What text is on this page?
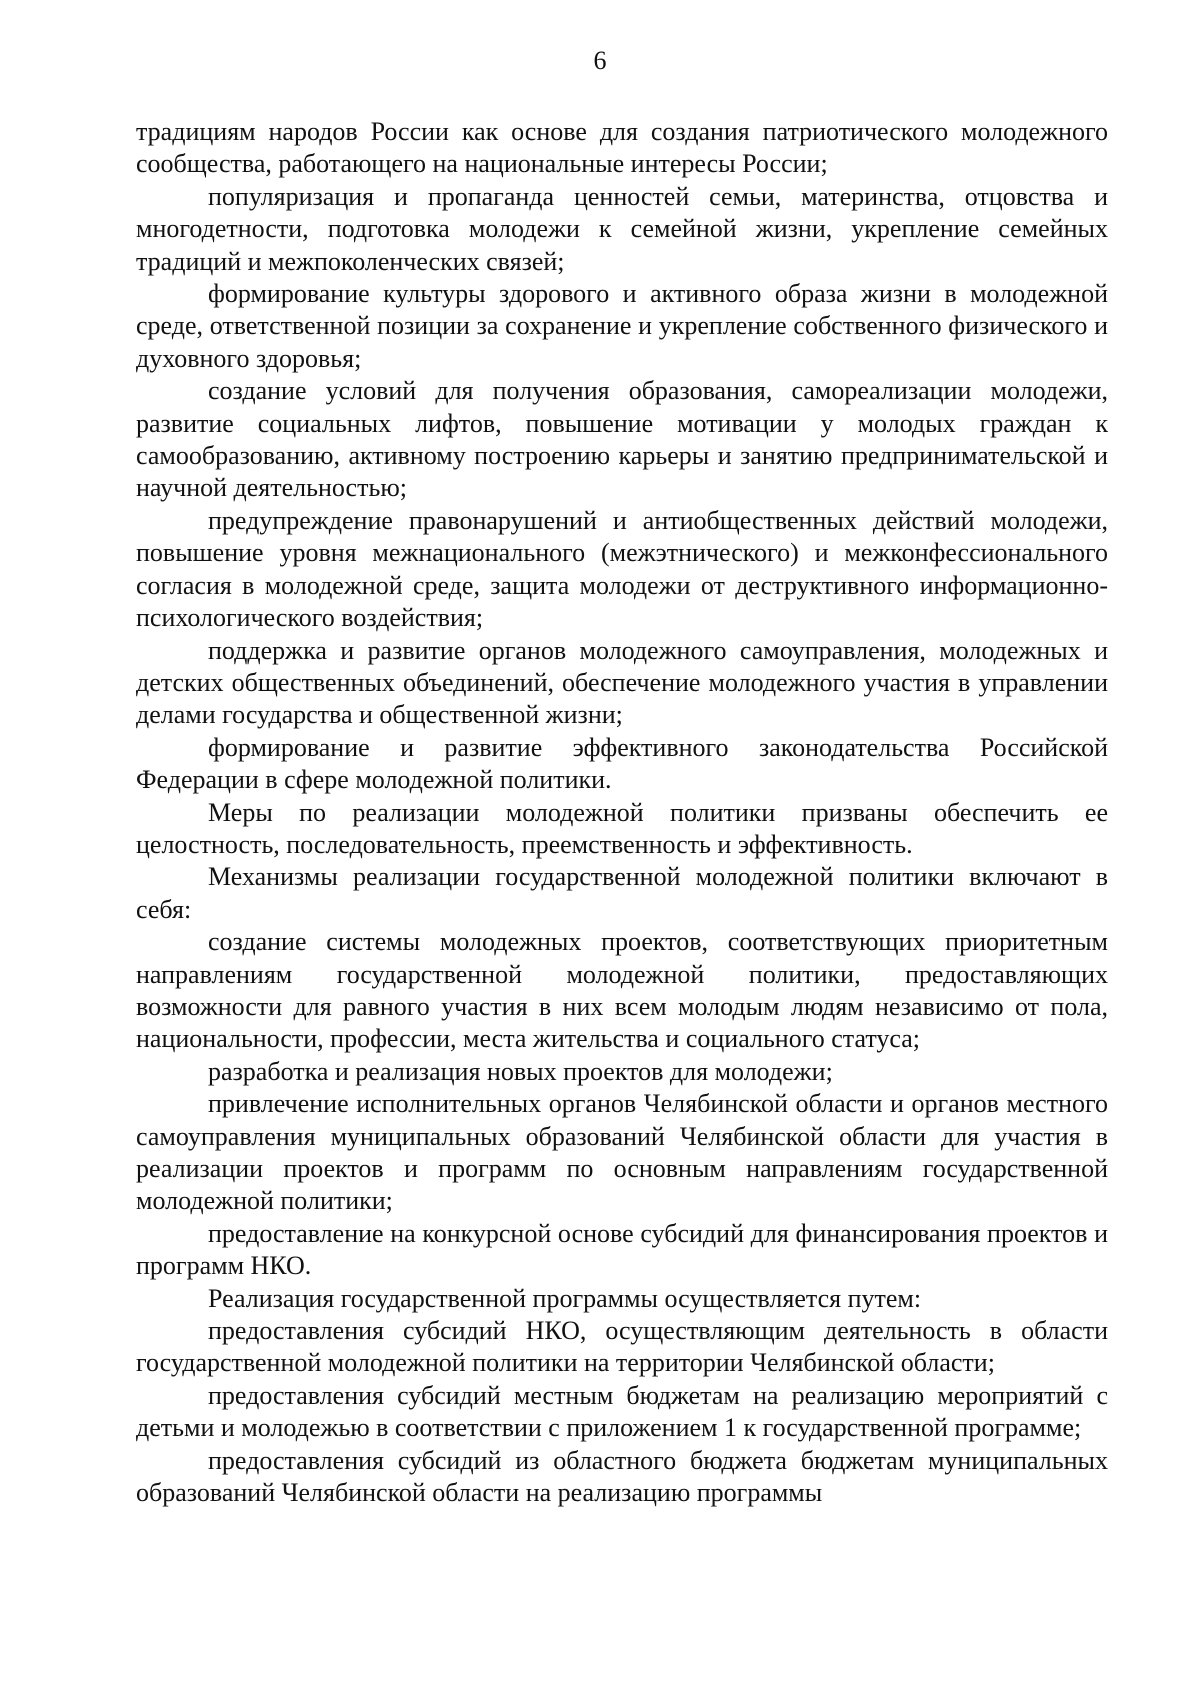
6

традициям народов России как основе для создания патриотического молодежного сообщества, работающего на национальные интересы России;

популяризация и пропаганда ценностей семьи, материнства, отцовства и многодетности, подготовка молодежи к семейной жизни, укрепление семейных традиций и межпоколенческих связей;

формирование культуры здорового и активного образа жизни в молодежной среде, ответственной позиции за сохранение и укрепление собственного физического и духовного здоровья;

создание условий для получения образования, самореализации молодежи, развитие социальных лифтов, повышение мотивации у молодых граждан к самообразованию, активному построению карьеры и занятию предпринимательской и научной деятельностью;

предупреждение правонарушений и антиобщественных действий молодежи, повышение уровня межнационального (межэтнического) и межконфессионального согласия в молодежной среде, защита молодежи от деструктивного информационно-психологического воздействия;

поддержка и развитие органов молодежного самоуправления, молодежных и детских общественных объединений, обеспечение молодежного участия в управлении делами государства и общественной жизни;

формирование и развитие эффективного законодательства Российской Федерации в сфере молодежной политики.

Меры по реализации молодежной политики призваны обеспечить ее целостность, последовательность, преемственность и эффективность.

Механизмы реализации государственной молодежной политики включают в себя:

создание системы молодежных проектов, соответствующих приоритетным направлениям государственной молодежной политики, предоставляющих возможности для равного участия в них всем молодым людям независимо от пола, национальности, профессии, места жительства и социального статуса;

разработка и реализация новых проектов для молодежи;

привлечение исполнительных органов Челябинской области и органов местного самоуправления муниципальных образований Челябинской области для участия в реализации проектов и программ по основным направлениям государственной молодежной политики;

предоставление на конкурсной основе субсидий для финансирования проектов и программ НКО.

Реализация государственной программы осуществляется путем:

предоставления субсидий НКО, осуществляющим деятельность в области государственной молодежной политики на территории Челябинской области;

предоставления субсидий местным бюджетам на реализацию мероприятий с детьми и молодежью в соответствии с приложением 1 к государственной программе;

предоставления субсидий из областного бюджета бюджетам муниципальных образований Челябинской области на реализацию программы
